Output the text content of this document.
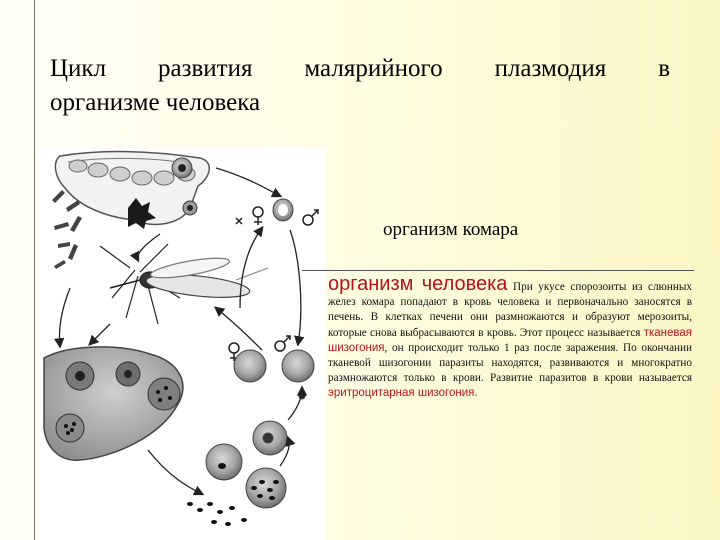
Цикл развития малярийного плазмодия в
организме человека
организм комара
организм человека При укусе спорозоиты из слюнных желез комара попадают в кровь человека и первоначально заносятся в печень. В клетках печени они размножаются и образуют мерозоиты, которые снова выбрасываются в кровь. Этот процесс называется тканевая шизогония, он происходит только 1 раз после заражения. По окончании тканевой шизогонии паразиты находятся, развиваются и многократно размножаются только в крови. Развитие паразитов в крови называется эритроцитарная шизогония.
